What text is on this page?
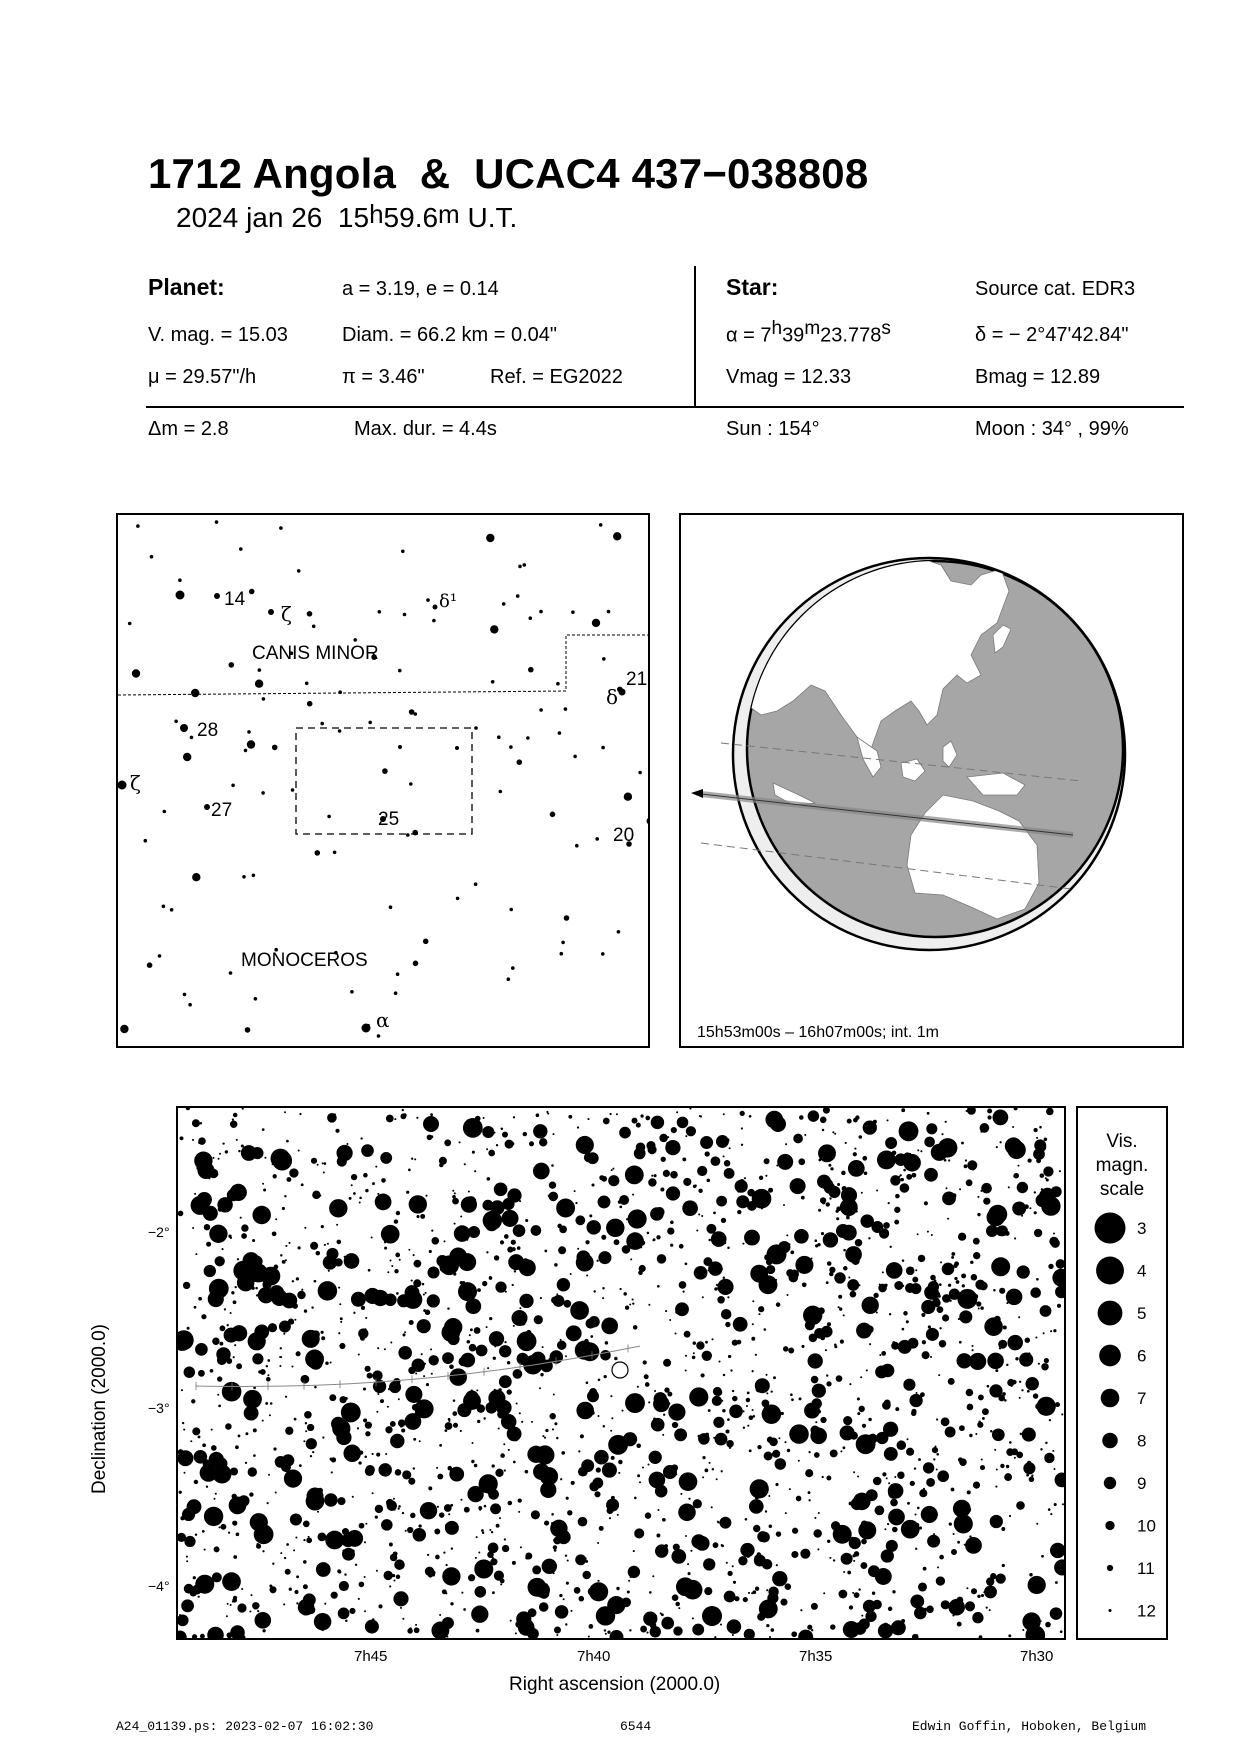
1712 Angola  &  UCAC4 437−038808
2024 jan 26 15$^h$59.6$^m$ U.T.
Planet:	a = 3.19, e = 0.14
V. mag. = 15.03	Diam. = 66.2 km = 0.04"
μ = 29.57"/h	π = 3.46"	Ref. = EG2022
Star:	Source cat. EDR3
$\alpha = 7^h39^m23.778^s$	δ = − 2°47'42.84"
Vmag = 12.33	Bmag = 12.89
Δm = 2.8	Max. dur. = 4.4s	Sun : 154°	Moon : 34° , 99%
CANIS MINOR
MONOCEROS
14
ζ
δ¹
21
δ
28
ζ
27	25
20
α
15h53m00s – 16h07m00s; int. 1m
−2°
−3°
−4°
7h45	7h40	7h35	7h30
Right ascension (2000.0)
Declination (2000.0)
Vis.
magn.
scale
3
4
5
6
7
8
9
10
11
12
A24_01139.ps: 2023-02-07 16:02:30	6544	Edwin Goffin, Hoboken, Belgium
